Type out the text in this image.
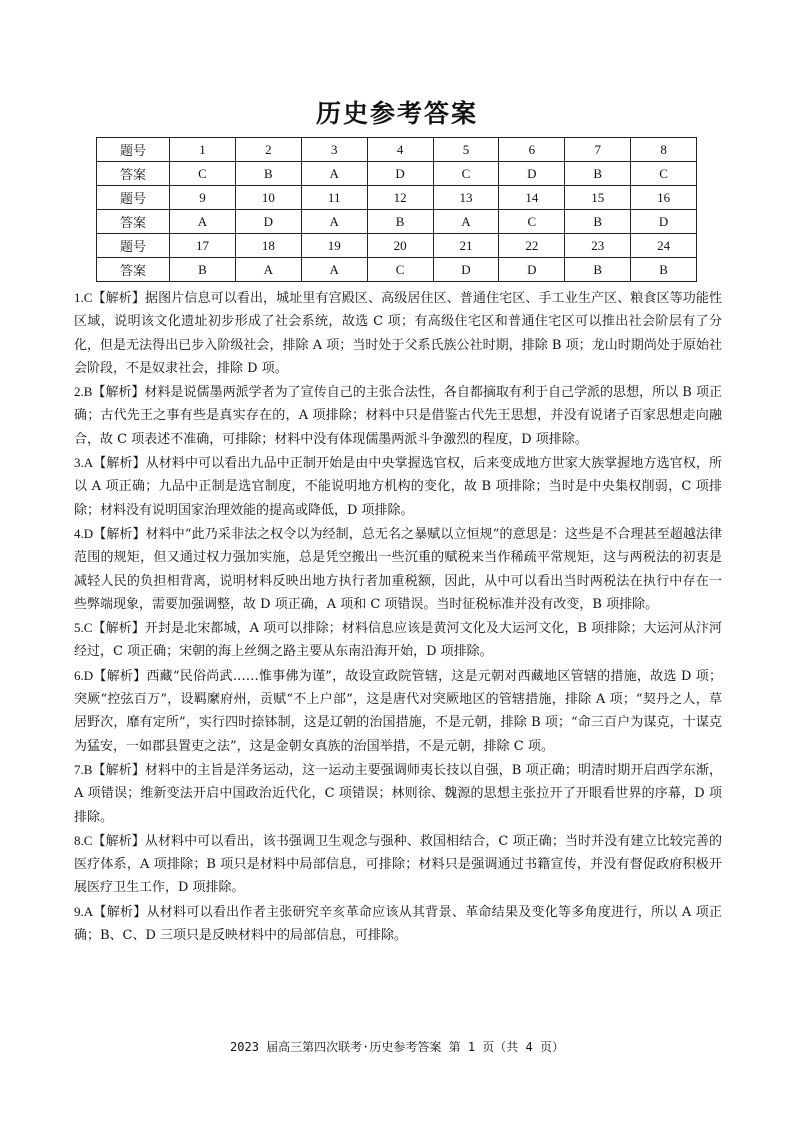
历史参考答案
题号	1	2	3	4	5	6	7	8
答案	C	B	A	D	C	D	B	C
题号	9	10	11	12	13	14	15	16
答案	A	D	A	B	A	C	B	D
题号	17	18	19	20	21	22	23	24
答案	B	A	A	C	D	D	B	B
1.C【解析】据图片信息可以看出，城址里有宫殿区、高级居住区、普通住宅区、手工业生产区、粮食区等功能性区域，说明该文化遗址初步形成了社会系统，故选 C 项；有高级住宅区和普通住宅区可以推出社会阶层有了分化，但是无法得出已步入阶级社会，排除 A 项；当时处于父系氏族公社时期，排除 B 项；龙山时期尚处于原始社会阶段，不是奴隶社会，排除 D 项。
2.B【解析】材料是说儒墨两派学者为了宣传自己的主张合法性，各自都摘取有利于自己学派的思想，所以 B 项正确；古代先王之事有些是真实存在的，A 项排除；材料中只是借鉴古代先王思想，并没有说诸子百家思想走向融合，故 C 项表述不准确，可排除；材料中没有体现儒墨两派斗争激烈的程度，D 项排除。
3.A【解析】从材料中可以看出九品中正制开始是由中央掌握选官权，后来变成地方世家大族掌握地方选官权，所以 A 项正确；九品中正制是选官制度，不能说明地方机构的变化，故 B 项排除；当时是中央集权削弱，C 项排除；材料没有说明国家治理效能的提高或降低，D 项排除。
4.D【解析】材料中“此乃采非法之权令以为经制，总无名之暴赋以立恒规”的意思是：这些是不合理甚至超越法律范围的规矩，但又通过权力强加实施，总是凭空搬出一些沉重的赋税来当作稀疏平常规矩，这与两税法的初衷是减轻人民的负担相背离，说明材料反映出地方执行者加重税额，因此，从中可以看出当时两税法在执行中存在一些弊端现象，需要加强调整，故 D 项正确，A 项和 C 项错误。当时征税标准并没有改变，B 项排除。
5.C【解析】开封是北宋都城，A 项可以排除；材料信息应该是黄河文化及大运河文化，B 项排除；大运河从汴河经过，C 项正确；宋朝的海上丝绸之路主要从东南沿海开始，D 项排除。
6.D【解析】西藏“民俗尚武……惟事佛为谨”，故设宣政院管辖，这是元朝对西藏地区管辖的措施，故选 D 项；突厥“控弦百万”，设羁縻府州，贡赋“不上户部”，这是唐代对突厥地区的管辖措施，排除 A 项；“契丹之人，草居野次，靡有定所”，实行四时捺钵制，这是辽朝的治国措施，不是元朝，排除 B 项；“命三百户为谋克，十谋克为猛安，一如郡县置吏之法”，这是金朝女真族的治国举措，不是元朝，排除 C 项。
7.B【解析】材料中的主旨是洋务运动，这一运动主要强调师夷长技以自强，B 项正确；明清时期开启西学东渐，A 项错误；维新变法开启中国政治近代化，C 项错误；林则徐、魏源的思想主张拉开了开眼看世界的序幕，D 项排除。
8.C【解析】从材料中可以看出，该书强调卫生观念与强种、救国相结合，C 项正确；当时并没有建立比较完善的医疗体系，A 项排除；B 项只是材料中局部信息，可排除；材料只是强调通过书籍宣传，并没有督促政府积极开展医疗卫生工作，D 项排除。
9.A【解析】从材料可以看出作者主张研究辛亥革命应该从其背景、革命结果及变化等多角度进行，所以 A 项正确；B、C、D 三项只是反映材料中的局部信息，可排除。
2023 届高三第四次联考·历史参考答案 第 1 页（共 4 页）
